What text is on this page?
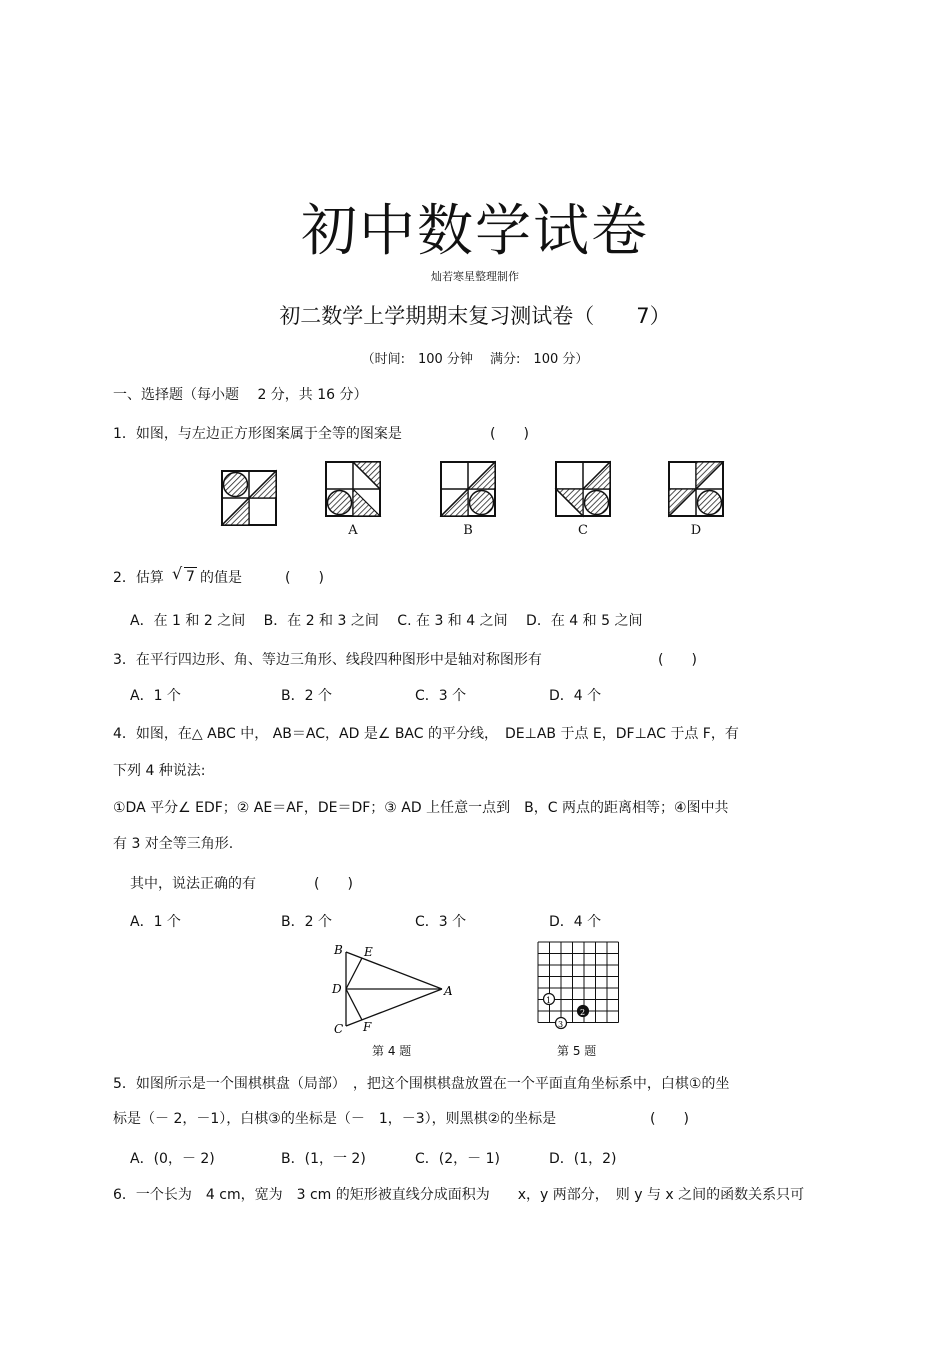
初中数学试卷
灿若寒星整理制作
初二数学上学期期末复习测试卷（　　7）
（时间:　100 分钟　 满分:　100 分）
一、选择题（每小题　 2 分，共 16 分）
1．如图，与左边正方形图案属于全等的图案是	(　　)
A	B	C	D
2．估算 √ 7 的值是	(　　)
A．在 1 和 2 之间　 B．在 2 和 3 之间　 C. 在 3 和 4 之间　 D．在 4 和 5 之间
3．在平行四边形、角、等边三角形、线段四种图形中是轴对称图形有	(　　)
A．1 个	B．2 个	C．3 个	D．4 个
4．如图，在△ ABC 中， AB＝AC，AD 是∠ BAC 的平分线，　DE⊥AB 于点 E，DF⊥AC 于点 F，有
下列 4 种说法:
①DA 平分∠ EDF；② AE＝AF，DE＝DF；③ AD 上任意一点到　B，C 两点的距离相等；④图中共
有 3 对全等三角形.
其中，说法正确的有	(　　)
A．1 个	B．2 个	C．3 个	D．4 个
B E
D	A
C F
第 4 题
1
2
3
第 5 题
5．如图所示是一个围棋棋盘（局部）　，把这个围棋棋盘放置在一个平面直角坐标系中，白棋①的坐
标是（－ 2，－1），白棋③的坐标是（－　1，－3），则黑棋②的坐标是	(　　)
A．(0，－ 2)	B．(1，一 2)	C．(2，－ 1)	D．(1，2)
6．一个长为　4 cm，宽为　3 cm 的矩形被直线分成面积为　　x，y 两部分，　则 y 与 x 之间的函数关系只可
